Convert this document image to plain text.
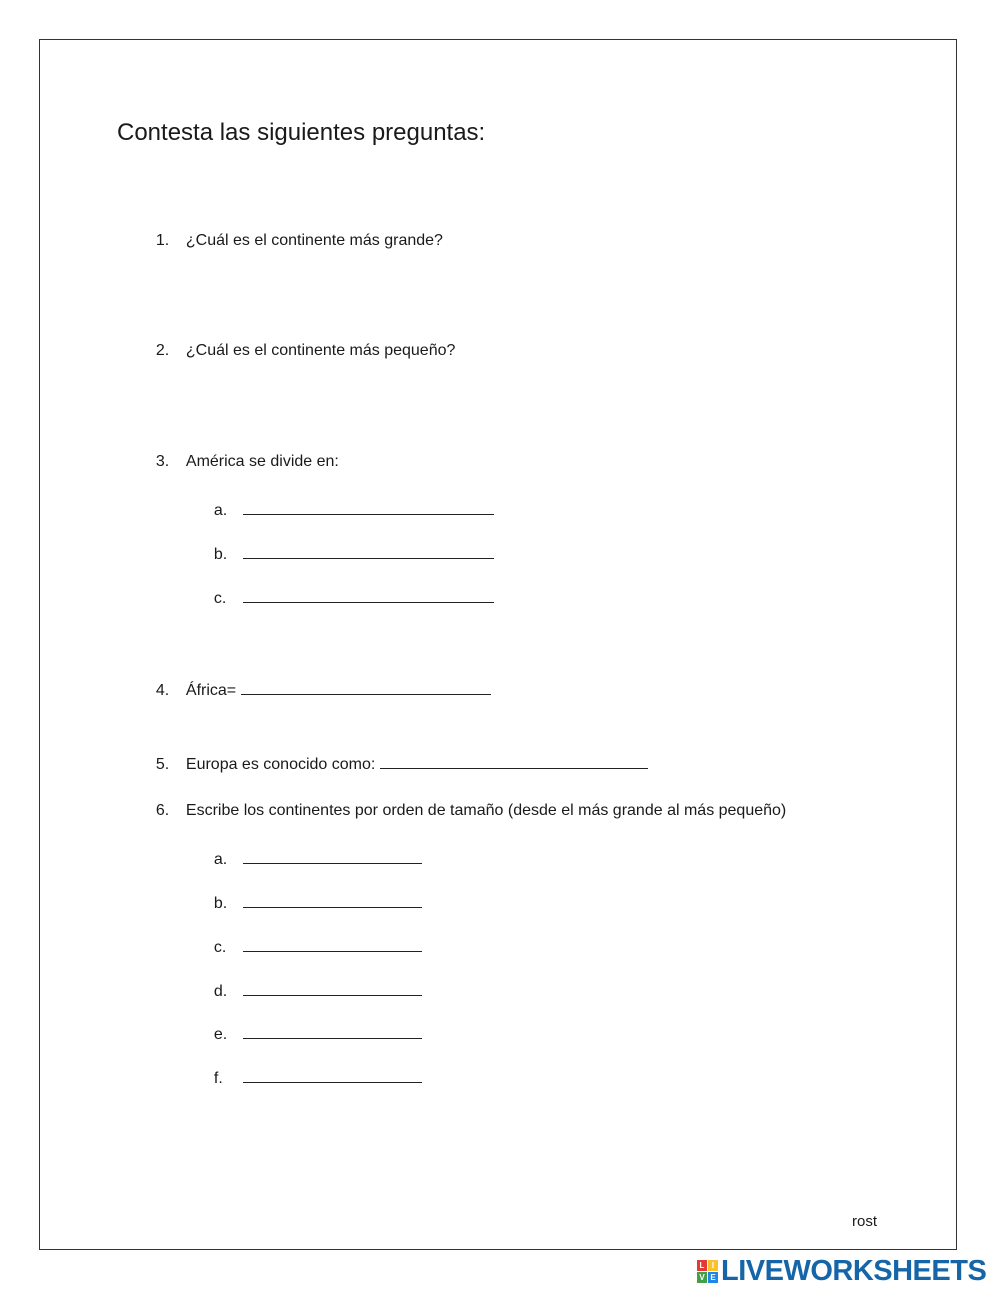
Contesta las siguientes preguntas:

1. ¿Cuál es el continente más grande?

2. ¿Cuál es el continente más pequeño?

3. América se divide en:

a.

b.

c.

4. África=

5. Europa es conocido como:

6. Escribe los continentes por orden de tamaño (desde el más grande al más pequeño)

a.

b.

c.

d.

e.

f.

rost
L I
V E LIVEWORKSHEETS
